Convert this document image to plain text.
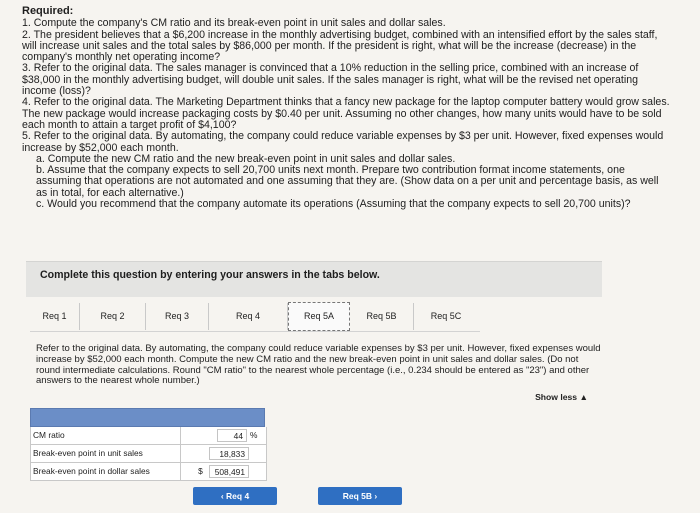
Required:
1. Compute the company's CM ratio and its break-even point in unit sales and dollar sales.
2. The president believes that a $6,200 increase in the monthly advertising budget, combined with an intensified effort by the sales staff, will increase unit sales and the total sales by $86,000 per month. If the president is right, what will be the increase (decrease) in the company's monthly net operating income?
3. Refer to the original data. The sales manager is convinced that a 10% reduction in the selling price, combined with an increase of $38,000 in the monthly advertising budget, will double unit sales. If the sales manager is right, what will be the revised net operating income (loss)?
4. Refer to the original data. The Marketing Department thinks that a fancy new package for the laptop computer battery would grow sales. The new package would increase packaging costs by $0.40 per unit. Assuming no other changes, how many units would have to be sold each month to attain a target profit of $4,100?
5. Refer to the original data. By automating, the company could reduce variable expenses by $3 per unit. However, fixed expenses would increase by $52,000 each month.
a. Compute the new CM ratio and the new break-even point in unit sales and dollar sales.
b. Assume that the company expects to sell 20,700 units next month. Prepare two contribution format income statements, one assuming that operations are not automated and one assuming that they are. (Show data on a per unit and percentage basis, as well as in total, for each alternative.)
c. Would you recommend that the company automate its operations (Assuming that the company expects to sell 20,700 units)?
Complete this question by entering your answers in the tabs below.
Req 1	Req 2	Req 3	Req 4	Req 5A	Req 5B	Req 5C
Refer to the original data. By automating, the company could reduce variable expenses by $3 per unit. However, fixed expenses would increase by $52,000 each month. Compute the new CM ratio and the new break-even point in unit sales and dollar sales. (Do not round intermediate calculations. Round "CM ratio" to the nearest whole percentage (i.e., 0.234 should be entered as "23") and other answers to the nearest whole number.)
Show less ▲
CM ratio	44 %
Break-even point in unit sales	18,833
Break-even point in dollar sales	$	508,491
‹ Req 4	Req 5B ›
